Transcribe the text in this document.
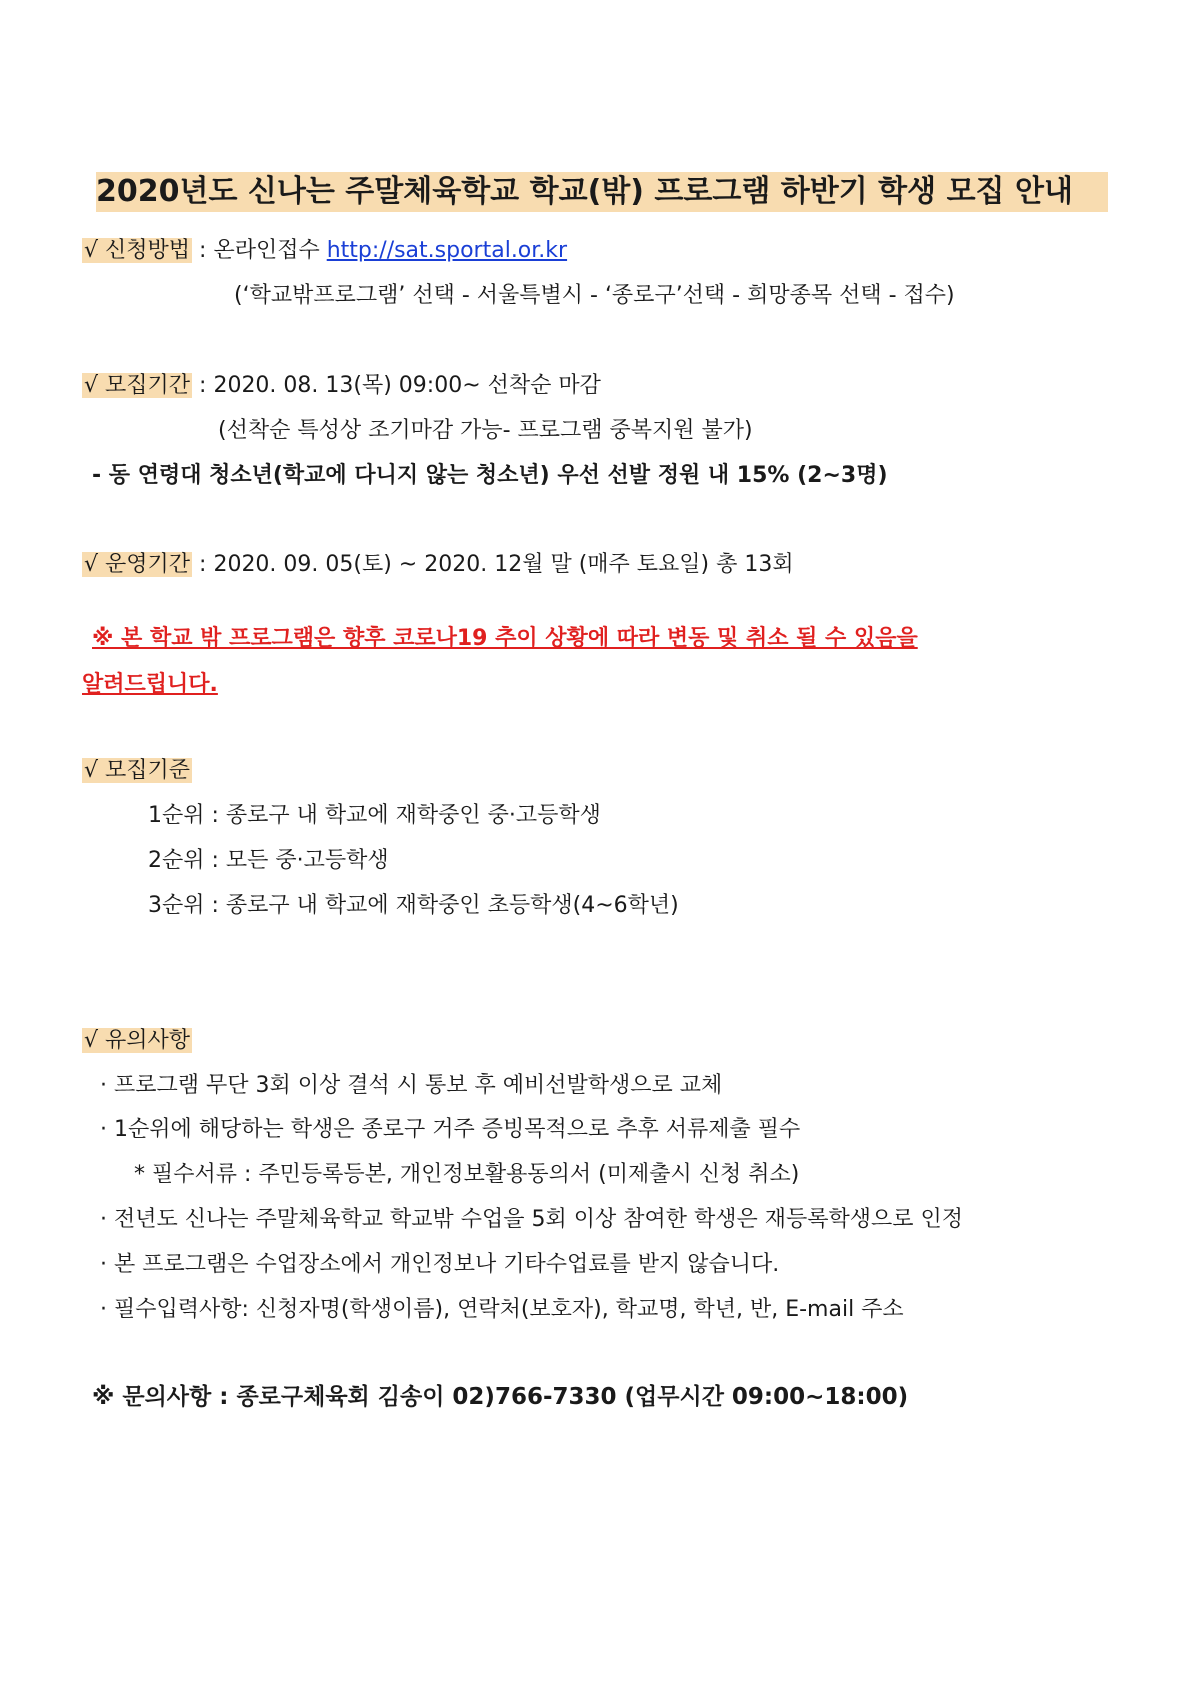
2020년도 신나는 주말체육학교 학교(밖) 프로그램 하반기 학생 모집 안내
√ 신청방법 : 온라인접수 http://sat.sportal.or.kr
(‘학교밖프로그램’ 선택 - 서울특별시 - ‘종로구’선택 - 희망종목 선택 - 접수)
√ 모집기간 : 2020. 08. 13(목) 09:00~ 선착순 마감
(선착순 특성상 조기마감 가능- 프로그램 중복지원 불가)
- 동 연령대 청소년(학교에 다니지 않는 청소년) 우선 선발 정원 내 15% (2~3명)
√ 운영기간 : 2020. 09. 05(토) ~ 2020. 12월 말 (매주 토요일) 총 13회
※ 본 학교 밖 프로그램은 향후 코로나19 추이 상황에 따라 변동 및 취소 될 수 있음을
알려드립니다.
√ 모집기준
1순위 : 종로구 내 학교에 재학중인 중·고등학생
2순위 : 모든 중·고등학생
3순위 : 종로구 내 학교에 재학중인 초등학생(4~6학년)
√ 유의사항
· 프로그램 무단 3회 이상 결석 시 통보 후 예비선발학생으로 교체
· 1순위에 해당하는 학생은 종로구 거주 증빙목적으로 추후 서류제출 필수
* 필수서류 : 주민등록등본, 개인정보활용동의서 (미제출시 신청 취소)
· 전년도 신나는 주말체육학교 학교밖 수업을 5회 이상 참여한 학생은 재등록학생으로 인정
· 본 프로그램은 수업장소에서 개인정보나 기타수업료를 받지 않습니다.
· 필수입력사항: 신청자명(학생이름), 연락처(보호자), 학교명, 학년, 반, E-mail 주소
※ 문의사항 : 종로구체육회 김송이 02)766-7330 (업무시간 09:00~18:00)
